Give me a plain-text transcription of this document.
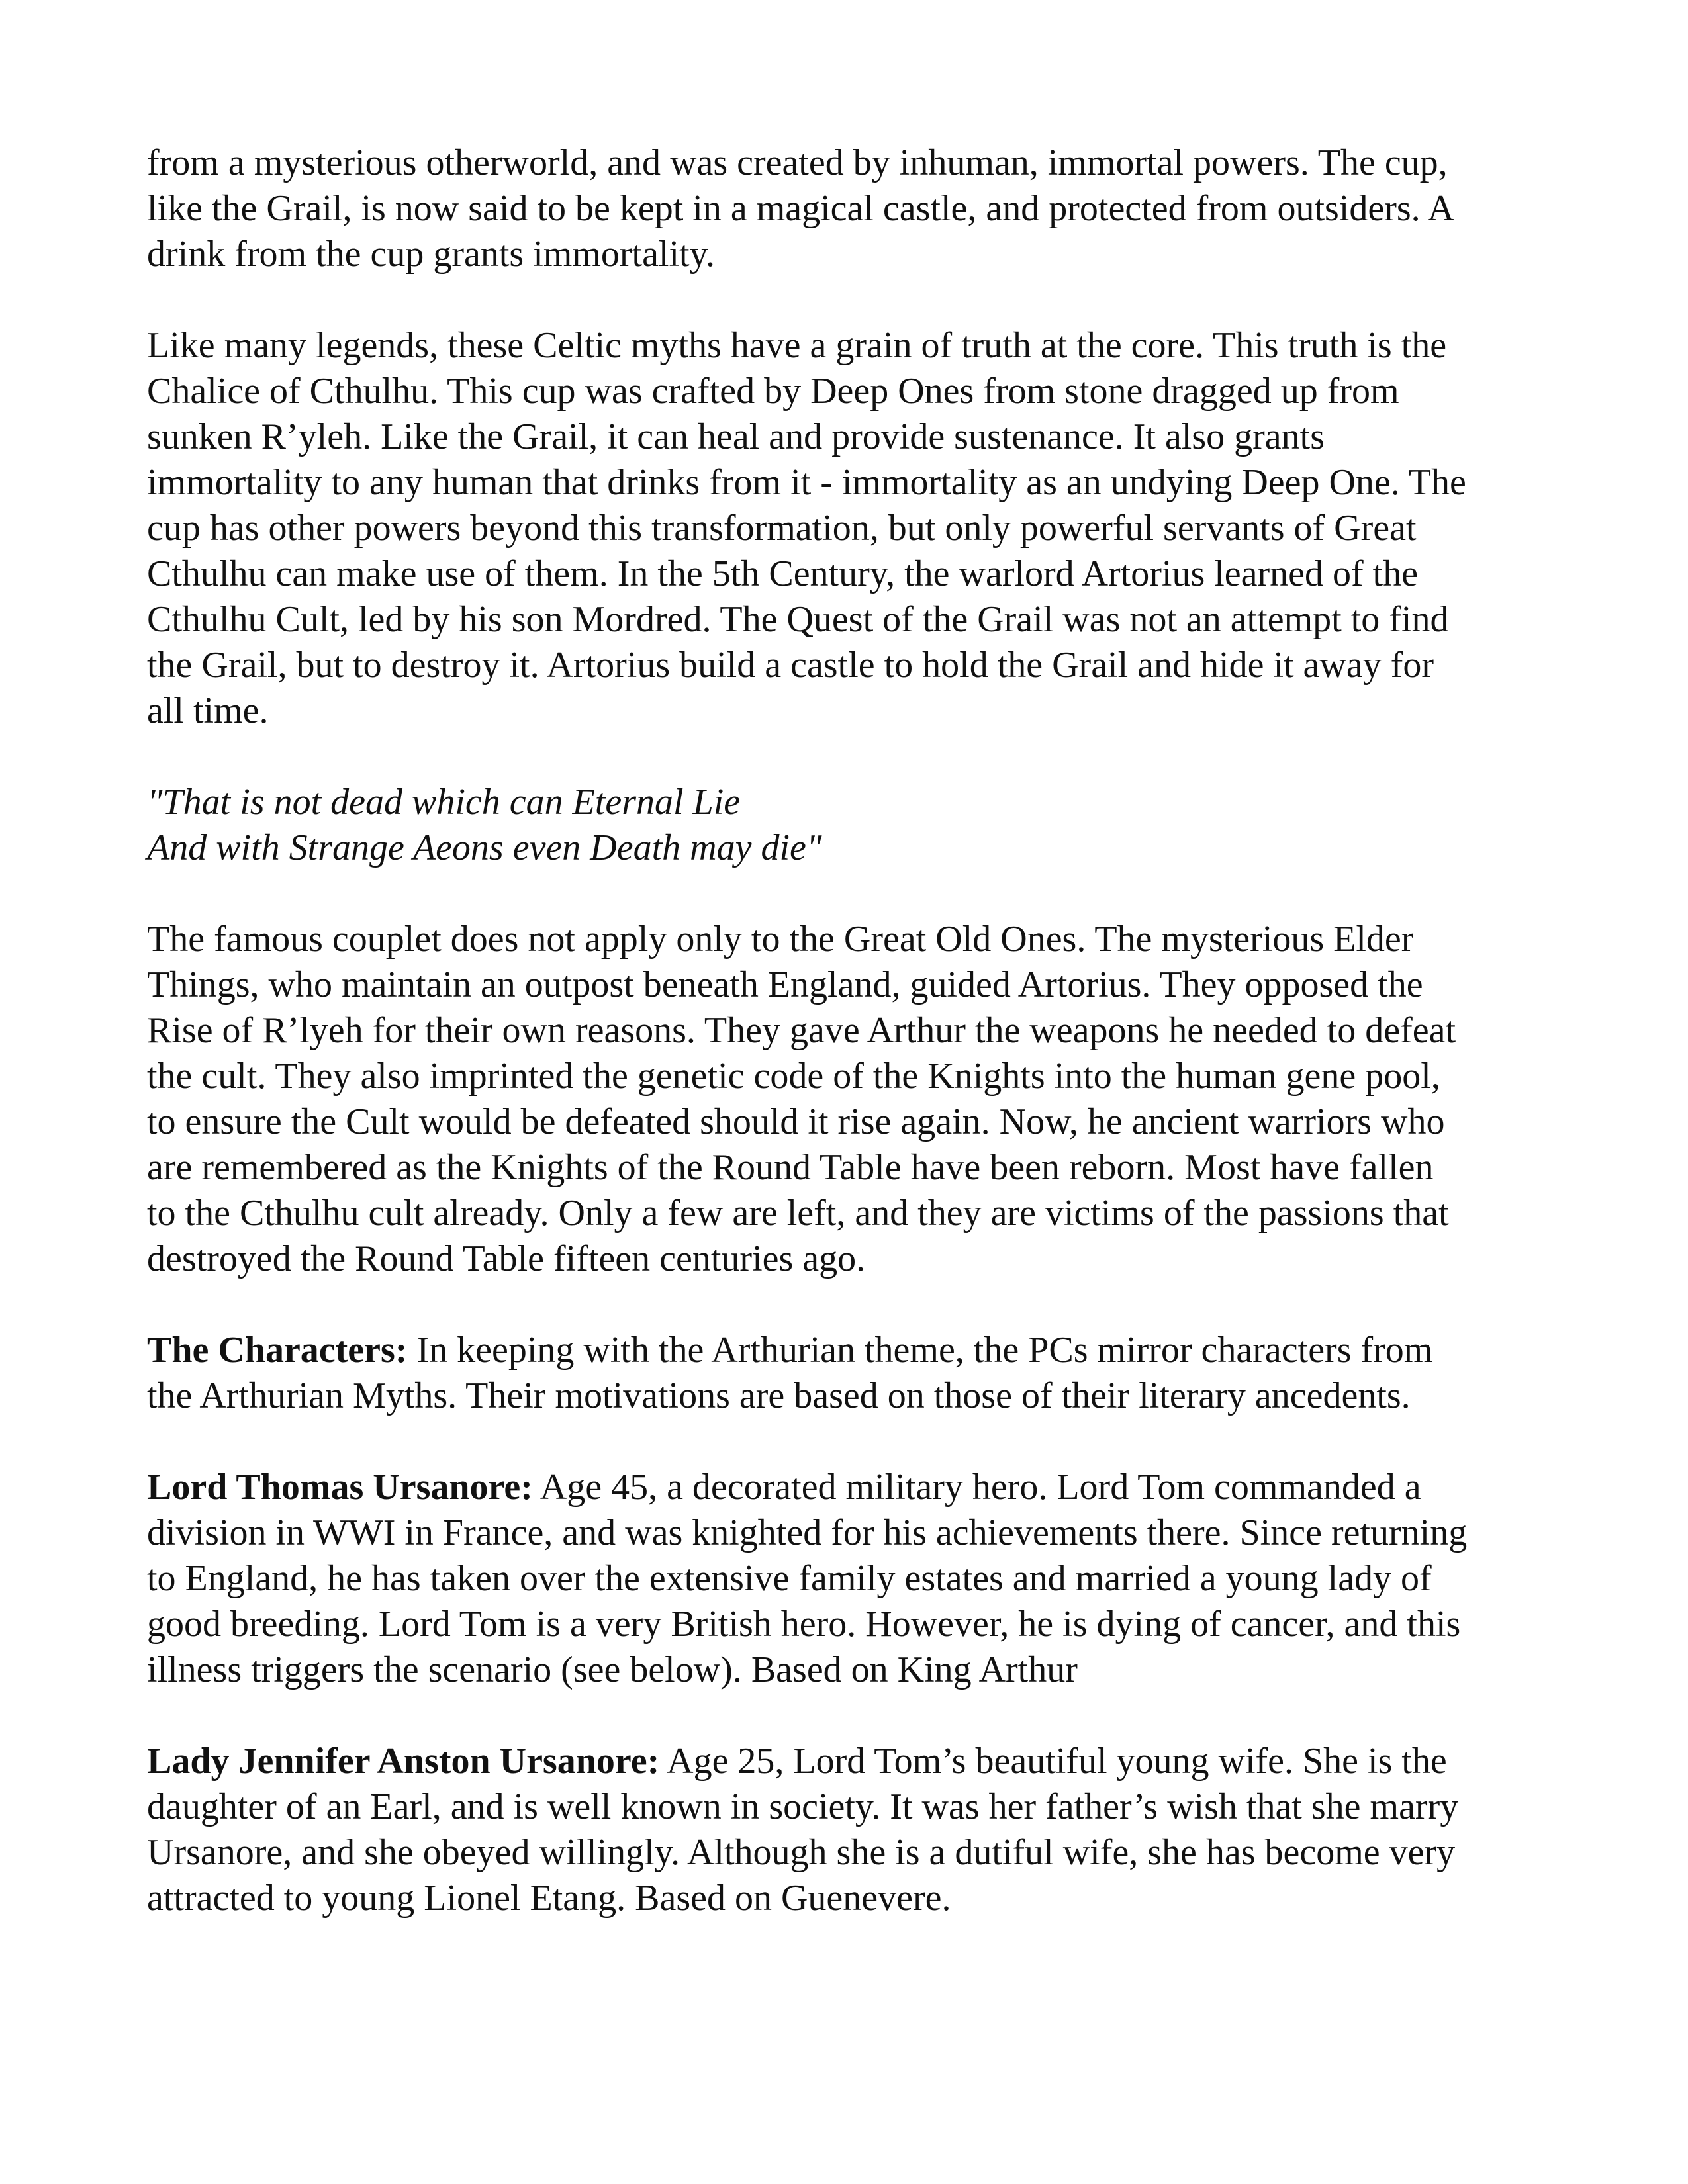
from a mysterious otherworld, and was created by inhuman, immortal powers. The cup,
like the Grail, is now said to be kept in a magical castle, and protected from outsiders. A
drink from the cup grants immortality.

Like many legends, these Celtic myths have a grain of truth at the core. This truth is the
Chalice of Cthulhu. This cup was crafted by Deep Ones from stone dragged up from
sunken R’yleh. Like the Grail, it can heal and provide sustenance. It also grants
immortality to any human that drinks from it - immortality as an undying Deep One. The
cup has other powers beyond this transformation, but only powerful servants of Great
Cthulhu can make use of them. In the 5th Century, the warlord Artorius learned of the
Cthulhu Cult, led by his son Mordred. The Quest of the Grail was not an attempt to find
the Grail, but to destroy it. Artorius build a castle to hold the Grail and hide it away for
all time.

"That is not dead which can Eternal Lie
And with Strange Aeons even Death may die"

The famous couplet does not apply only to the Great Old Ones. The mysterious Elder
Things, who maintain an outpost beneath England, guided Artorius. They opposed the
Rise of R’lyeh for their own reasons. They gave Arthur the weapons he needed to defeat
the cult. They also imprinted the genetic code of the Knights into the human gene pool,
to ensure the Cult would be defeated should it rise again. Now, he ancient warriors who
are remembered as the Knights of the Round Table have been reborn. Most have fallen
to the Cthulhu cult already. Only a few are left, and they are victims of the passions that
destroyed the Round Table fifteen centuries ago.

The Characters: In keeping with the Arthurian theme, the PCs mirror characters from
the Arthurian Myths. Their motivations are based on those of their literary ancedents.

Lord Thomas Ursanore: Age 45, a decorated military hero. Lord Tom commanded a
division in WWI in France, and was knighted for his achievements there. Since returning
to England, he has taken over the extensive family estates and married a young lady of
good breeding. Lord Tom is a very British hero. However, he is dying of cancer, and this
illness triggers the scenario (see below). Based on King Arthur

Lady Jennifer Anston Ursanore: Age 25, Lord Tom’s beautiful young wife. She is the
daughter of an Earl, and is well known in society. It was her father’s wish that she marry
Ursanore, and she obeyed willingly. Although she is a dutiful wife, she has become very
attracted to young Lionel Etang. Based on Guenevere.
